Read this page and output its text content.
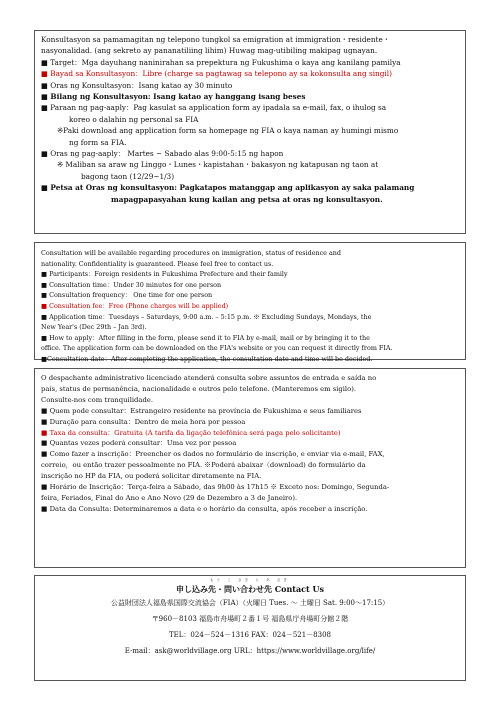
Konsultasyon sa pamamagitan ng telepono tungkol sa emigration at immigration・residente・
nasyonalidad. (ang sekreto ay pananatiliing lihim) Huwag mag-utibiling makipag ugnayan.
■ Target：Mga dayuhang naninirahan sa prepektura ng Fukushima o kaya ang kanilang pamilya
■ Bayad sa Konsultasyon：Libre (charge sa pagtawag sa telepono ay sa kokonsulta ang singil)
■ Oras ng Konsultasyon：Isang katao ay 30 minuto
■ Bilang ng Konsultasyon: Isang katao ay hanggang isang beses
■ Paraan ng pag-aaply：Pag kasulat sa application form ay ipadala sa e-mail, fax, o ihulog sa
koreo o dalahin ng personal sa FIA
※Paki download ang application form sa homepage ng FIA o kaya naman ay humingi mismo
ng form sa FIA.
■ Oras ng pag-aaply： Martes ~ Sabado alas 9:00-5:15 ng hapon
※ Maliban sa araw ng Linggo・Lunes・kapistahan・bakasyon ng katapusan ng taon at
bagong taon (12/29~1/3)
■ Petsa at Oras ng konsultasyon: Pagkatapos matanggap ang aplikasyon ay saka palamang
mapagpapasyahan kung kailan ang petsa at oras ng konsultasyon.
Consultation will be available regarding procedures on immigration, status of residence and
nationality. Confidentiality is guaranteed. Please feel free to contact us.
■ Participants：Foreign residents in Fukushima Prefecture and their family
■ Consultation time：Under 30 minutes for one person
■ Consultation frequency： One time for one person
■ Consultation fee：Free (Phone charges will be applied)
■ Application time：Tuesdays – Saturdays, 9:00 a.m. – 5:15 p.m. ※ Excluding Sundays, Mondays, the
New Year's (Dec 29th – Jan 3rd).
■ How to apply：After filling in the form, please send it to FIA by e-mail, mail or by bringing it to the
office. The application form can be downloaded on the FIA's website or you can request it directly from FIA.
■Consultation date：After completing the application, the consultation date and time will be decided.
O despachante administrativo licenciado atenderá consulta sobre assuntos de entrada e saída no
país, status de permanência, nacionalidade e outros pelo telefone. (Manteremos em sigilo).
Consulte-nos com tranquilidade.
■ Quem pode consultar：Estrangeiro residente na província de Fukushima e seus familiares
■ Duração para consulta：Dentro de meia hora por pessoa
■ Taxa da consulta：Gratuita (A tarifa da ligação telefônica será paga pelo solicitante)
■ Quantas vezes poderá consultar：Uma vez por pessoa
■ Como fazer a inscrição：Preencher os dados no formulário de inscrição, e enviar via e-mail, FAX,
correio，ou então trazer pessoalmente no FIA. ※Poderá abaixar（download) do formulário da
inscrição no HP da FIA, ou poderá solicitar diretamente na FIA.
■ Horário de Inscrição：Terça-feira a Sábado, das 9h00 às 17h15 ※ Exceto nos: Domingo, Segunda-
feira, Feriados, Final do Ano e Ano Novo (29 de Dezembro a 3 de Janeiro).
■ Data da Consulta: Determinaremos a data e o horário da consulta, após receber a inscrição.
もう こ さき と あ さき
申し込み先・問い合わせ先 Contact Us
公益財団法人福島県国際交流協会（FIA）（火曜日 Tues. ～ 土曜日 Sat. 9:00～17:15）
〒960－8103 福島市舟場町２番１号 福島県庁舟場町分館２階
TEL：024－524－1316 FAX：024－521－8308
E-mail：ask@worldvillage.org URL：https://www.worldvillage.org/life/
